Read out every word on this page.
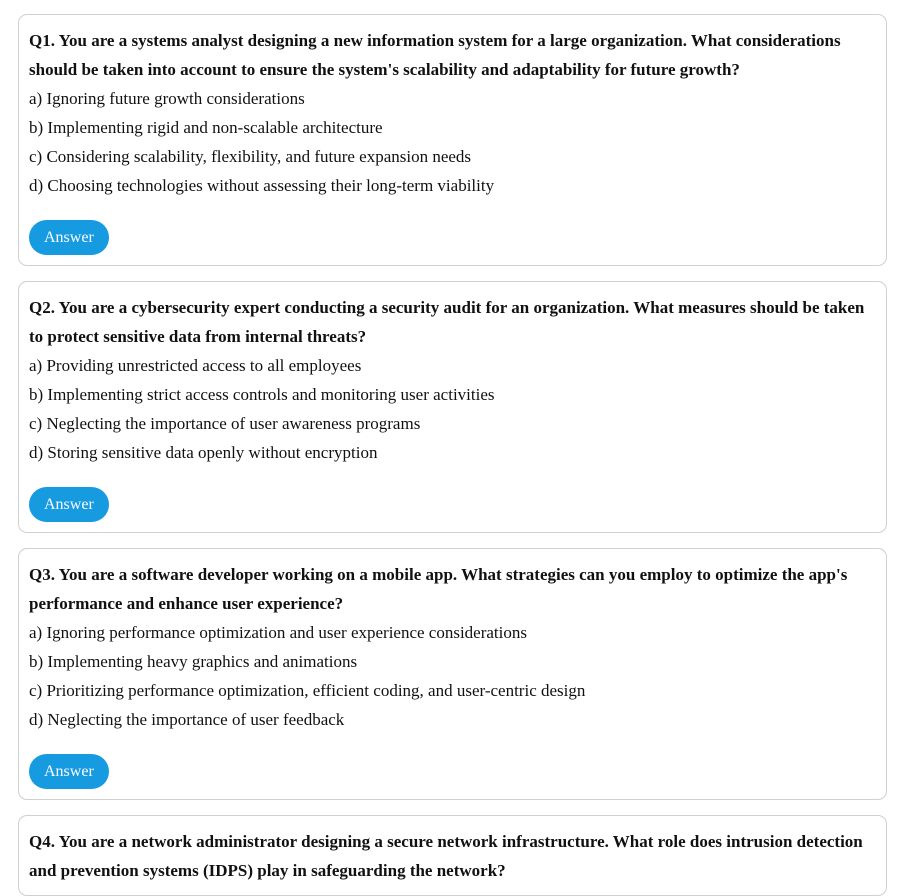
Q1. You are a systems analyst designing a new information system for a large organization. What considerations should be taken into account to ensure the system's scalability and adaptability for future growth?

a) Ignoring future growth considerations

b) Implementing rigid and non-scalable architecture

c) Considering scalability, flexibility, and future expansion needs

d) Choosing technologies without assessing their long-term viability

Answer

Q2. You are a cybersecurity expert conducting a security audit for an organization. What measures should be taken to protect sensitive data from internal threats?

a) Providing unrestricted access to all employees

b) Implementing strict access controls and monitoring user activities

c) Neglecting the importance of user awareness programs

d) Storing sensitive data openly without encryption

Answer

Q3. You are a software developer working on a mobile app. What strategies can you employ to optimize the app's performance and enhance user experience?

a) Ignoring performance optimization and user experience considerations

b) Implementing heavy graphics and animations

c) Prioritizing performance optimization, efficient coding, and user-centric design

d) Neglecting the importance of user feedback

Answer

Q4. You are a network administrator designing a secure network infrastructure. What role does intrusion detection and prevention systems (IDPS) play in safeguarding the network?
